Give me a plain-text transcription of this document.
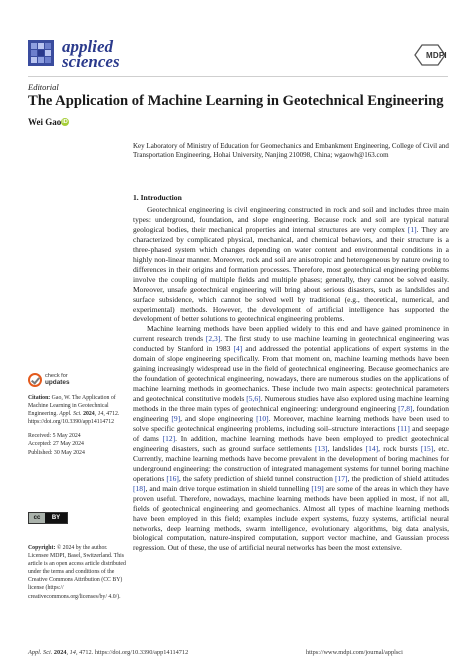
applied
sciences	MDPI
Editorial
The Application of Machine Learning in Geotechnical Engineering
Wei Gao iD
Key Laboratory of Ministry of Education for Geomechanics and Embankment Engineering, College of Civil and Transportation Engineering, Hohai University, Nanjing 210098, China; wgaowh@163.com
1. Introduction

Geotechnical engineering is civil engineering constructed in rock and soil and includes three main types: underground, foundation, and slope engineering. Because rock and soil are typical natural geological bodies, their mechanical properties and internal structures are very complex [1]. They are characterized by complicated physical, mechanical, and chemical behaviors, and their structure is a three-phased system which changes depending on water content and environmental conditions in a highly non-linear manner. Moreover, rock and soil are anisotropic and heterogeneous by nature owing to differences in their origins and formation processes. Therefore, most geotechnical engineering problems involve the coupling of multiple fields and multiple phases; generally, they cannot be solved easily. Moreover, unsafe geotechnical engineering will bring about serious disasters, such as landslides and surface subsidence, which cannot be solved well by traditional (e.g., theoretical, numerical, and experimental) methods. However, the development of artificial intelligence has supported the development of better solutions to geotechnical engineering problems.

Machine learning methods have been applied widely to this end and have gained prominence in current research trends [2,3]. The first study to use machine learning in geotechnical engineering was conducted by Stanford in 1983 [4] and addressed the potential applications of expert systems in the domain of slope engineering specifically. From that moment on, machine learning methods have been gaining increasingly widespread use in the field of geotechnical engineering. Because geomechanics are the foundation of geotechnical engineering, nowadays, there are numerous studies on the applications of machine learning methods in geomechanics. These include two main aspects: geotechnical parameters and geotechnical constitutive models [5,6]. Numerous studies have also explored using machine learning methods in the three main types of geotechnical engineering: underground engineering [7,8], foundation engineering [9], and slope engineering [10]. Moreover, machine learning methods have been used to solve specific geotechnical engineering problems, including soil–structure interactions [11] and seepage of dams [12]. In addition, machine learning methods have been employed to predict geotechnical engineering disasters, such as ground surface settlements [13], landslides [14], rock bursts [15], etc. Currently, machine learning methods have become prevalent in the development of boring machines for underground engineering: the construction of integrated management systems for tunnel boring machine operations [16], the safety prediction of shield tunnel construction [17], the prediction of shield attitudes [18], and main drive torque estimation in shield tunnelling [19] are some of the areas in which they have proven useful. Therefore, nowadays, machine learning methods have been applied in most, if not all, fields of geotechnical engineering and geomechanics. Almost all types of machine learning methods have been employed in this field; examples include expert systems, fuzzy systems, artificial neural networks, deep learning methods, swarm intelligence, evolutionary algorithms, big data analysis, biological computation, nature-inspired computation, support vector machine, and Gaussian process regression. Out of these, the use of artificial neural networks has been the most extensive.

check for
updates

Citation: Gao, W. The Application of Machine Learning in Geotechnical Engineering. Appl. Sci. 2024, 14, 4712. https://doi.org/10.3390/app14114712

Received: 5 May 2024

Accepted: 27 May 2024

Published: 30 May 2024

cc	BY

Copyright: © 2024 by the author. Licensee MDPI, Basel, Switzerland. This article is an open access article distributed under the terms and conditions of the Creative Commons Attribution (CC BY) license (https:// creativecommons.org/licenses/by/ 4.0/).

Appl. Sci. 2024, 14, 4712. https://doi.org/10.3390/app14114712	https://www.mdpi.com/journal/applsci
